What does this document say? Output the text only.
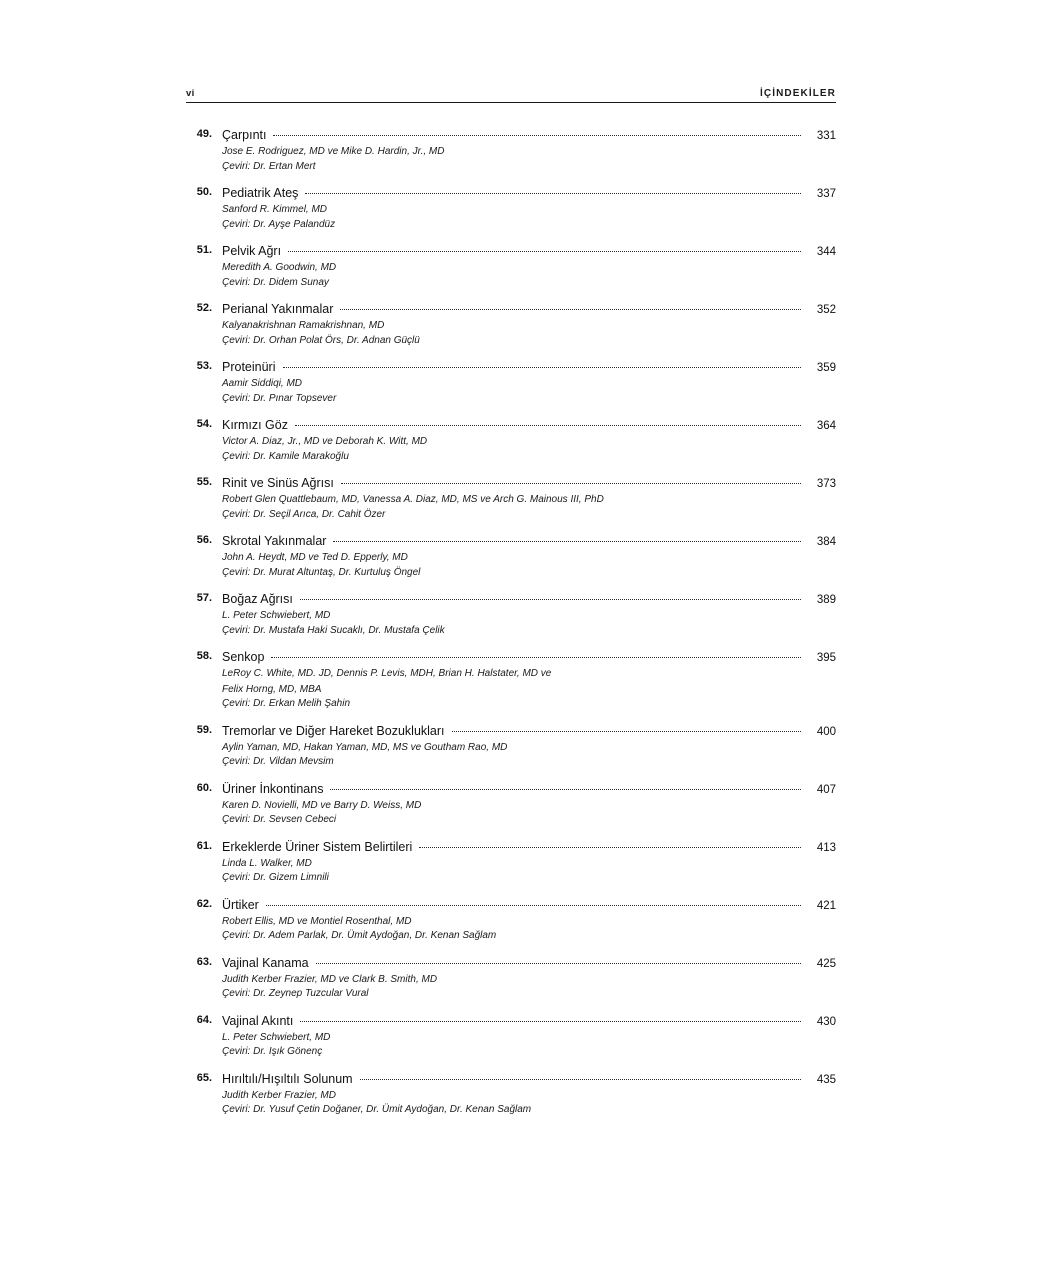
vi	İÇİNDEKİLER
49. Çarpıntı	331
Jose E. Rodriguez, MD ve Mike D. Hardin, Jr., MD
Çeviri: Dr. Ertan Mert
50. Pediatrik Ateş	337
Sanford R. Kimmel, MD
Çeviri: Dr. Ayşe Palandüz
51. Pelvik Ağrı	344
Meredith A. Goodwin, MD
Çeviri: Dr. Didem Sunay
52. Perianal Yakınmalar	352
Kalyanakrishnan Ramakrishnan, MD
Çeviri: Dr. Orhan Polat Örs, Dr. Adnan Güçlü
53. Proteinüri	359
Aamir Siddiqi, MD
Çeviri: Dr. Pınar Topsever
54. Kırmızı Göz	364
Victor A. Diaz, Jr., MD ve Deborah K. Witt, MD
Çeviri: Dr. Kamile Marakoğlu
55. Rinit ve Sinüs Ağrısı	373
Robert Glen Quattlebaum, MD, Vanessa A. Diaz, MD, MS ve Arch G. Mainous III, PhD
Çeviri: Dr. Seçil Arıca, Dr. Cahit Özer
56. Skrotal Yakınmalar	384
John A. Heydt, MD ve Ted D. Epperly, MD
Çeviri: Dr. Murat Altuntaş, Dr. Kurtuluş Öngel
57. Boğaz Ağrısı	389
L. Peter Schwiebert, MD
Çeviri: Dr. Mustafa Haki Sucaklı, Dr. Mustafa Çelik
58. Senkop	395
LeRoy C. White, MD. JD, Dennis P. Levis, MDH, Brian H. Halstater, MD ve
Felix Horng, MD, MBA
Çeviri: Dr. Erkan Melih Şahin
59. Tremorlar ve Diğer Hareket Bozuklukları	400
Aylin Yaman, MD, Hakan Yaman, MD, MS ve Goutham Rao, MD
Çeviri: Dr. Vildan Mevsim
60. Üriner İnkontinans	407
Karen D. Novielli, MD ve Barry D. Weiss, MD
Çeviri: Dr. Sevsen Cebeci
61. Erkeklerde Üriner Sistem Belirtileri	413
Linda L. Walker, MD
Çeviri: Dr. Gizem Limnili
62. Ürtiker	421
Robert Ellis, MD ve Montiel Rosenthal, MD
Çeviri: Dr. Adem Parlak, Dr. Ümit Aydoğan, Dr. Kenan Sağlam
63. Vajinal Kanama	425
Judith Kerber Frazier, MD ve Clark B. Smith, MD
Çeviri: Dr. Zeynep Tuzcular Vural
64. Vajinal Akıntı	430
L. Peter Schwiebert, MD
Çeviri: Dr. Işık Gönenç
65. Hırıltılı/Hışıltılı Solunum	435
Judith Kerber Frazier, MD
Çeviri: Dr. Yusuf Çetin Doğaner, Dr. Ümit Aydoğan, Dr. Kenan Sağlam
